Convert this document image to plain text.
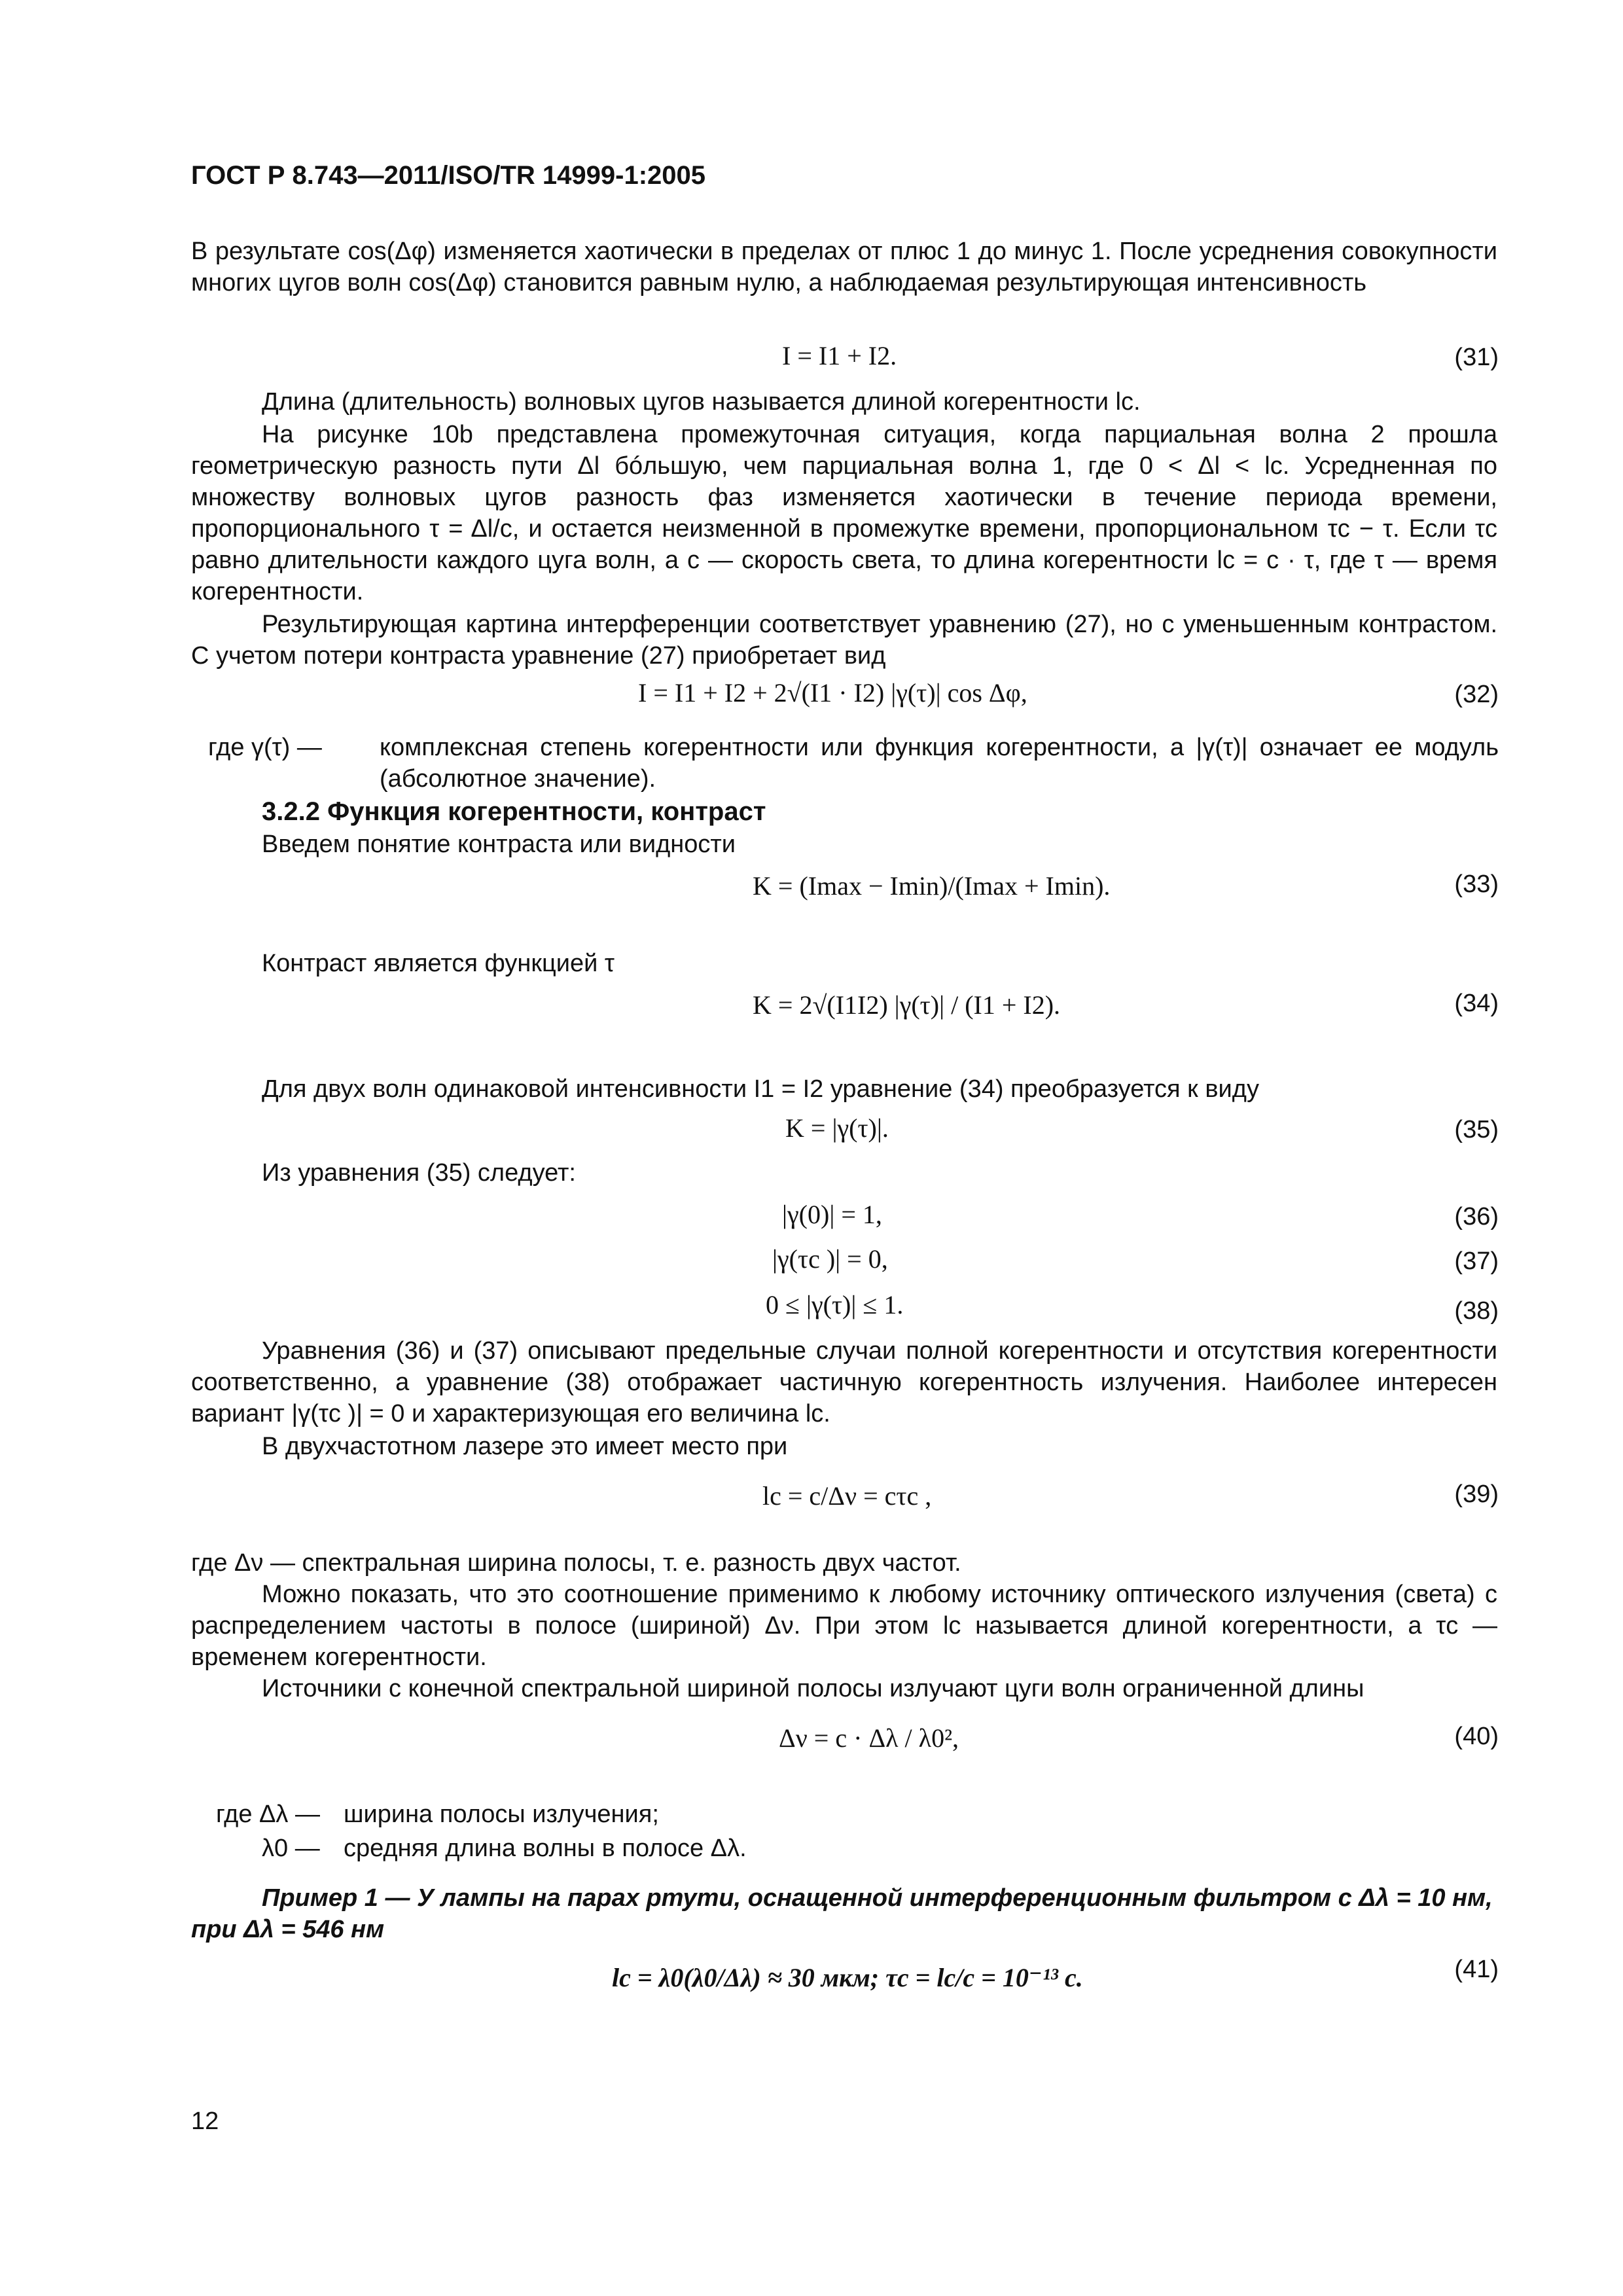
ГОСТ Р 8.743—2011/ISO/TR 14999-1:2005
В результате cos(Δφ) изменяется хаотически в пределах от плюс 1 до минус 1. После усреднения совокупности многих цугов волн cos(Δφ) становится равным нулю, а наблюдаемая результирующая интенсивность
I = I1 + I2.	(31)
Длина (длительность) волновых цугов называется длиной когерентности lc.
На рисунке 10b представлена промежуточная ситуация, когда парциальная волна 2 прошла геометрическую разность пути Δl бóльшую, чем парциальная волна 1, где 0 < Δl < lc. Усредненная по множеству волновых цугов разность фаз изменяется хаотически в течение периода времени, пропорционального τ = Δl/c, и остается неизменной в промежутке времени, пропорциональном τc − τ. Если τc равно длительности каждого цуга волн, а с — скорость света, то длина когерентности lc = c · τ, где τ — время когерентности.
Результирующая картина интерференции соответствует уравнению (27), но с уменьшенным контрастом. С учетом потери контраста уравнение (27) приобретает вид
I = I1 + I2 + 2√(I1 · I2) |γ(τ)| cos Δφ,	(32)
где γ(τ) —	комплексная степень когерентности или функция когерентности, а |γ(τ)| означает ее модуль (абсолютное значение).
3.2.2 Функция когерентности, контраст
Введем понятие контраста или видности
K = (Imax − Imin)/(Imax + Imin).	(33)
Контраст является функцией τ
K = 2√(I1I2) |γ(τ)| / (I1 + I2).	(34)
Для двух волн одинаковой интенсивности I1 = I2 уравнение (34) преобразуется к виду
K = |γ(τ)|.	(35)
Из уравнения (35) следует:
|γ(0)| = 1,	(36)
|γ(τc )| = 0,	(37)
0 ≤ |γ(τ)| ≤ 1.	(38)
Уравнения (36) и (37) описывают предельные случаи полной когерентности и отсутствия когерентности соответственно, а уравнение (38) отображает частичную когерентность излучения. Наиболее интересен вариант |γ(τc )| = 0 и характеризующая его величина lc.
В двухчастотном лазере это имеет место при
lc = c/Δν = cτc ,	(39)
где Δν — спектральная ширина полосы, т. е. разность двух частот.
Можно показать, что это соотношение применимо к любому источнику оптического излучения (света) с распределением частоты в полосе (шириной) Δν. При этом lc называется длиной когерентности, а τc — временем когерентности.
Источники с конечной спектральной шириной полосы излучают цуги волн ограниченной длины
Δν = c · Δλ / λ0²,	(40)
где Δλ — ширина полосы излучения;
λ0 — средняя длина волны в полосе Δλ.
Пример 1 — У лампы на парах ртути, оснащенной интерференционным фильтром с Δλ = 10 нм, при Δλ = 546 нм
lc = λ0(λ0/Δλ) ≈ 30 мкм; τc = lc/c = 10⁻¹³ с.	(41)
12
